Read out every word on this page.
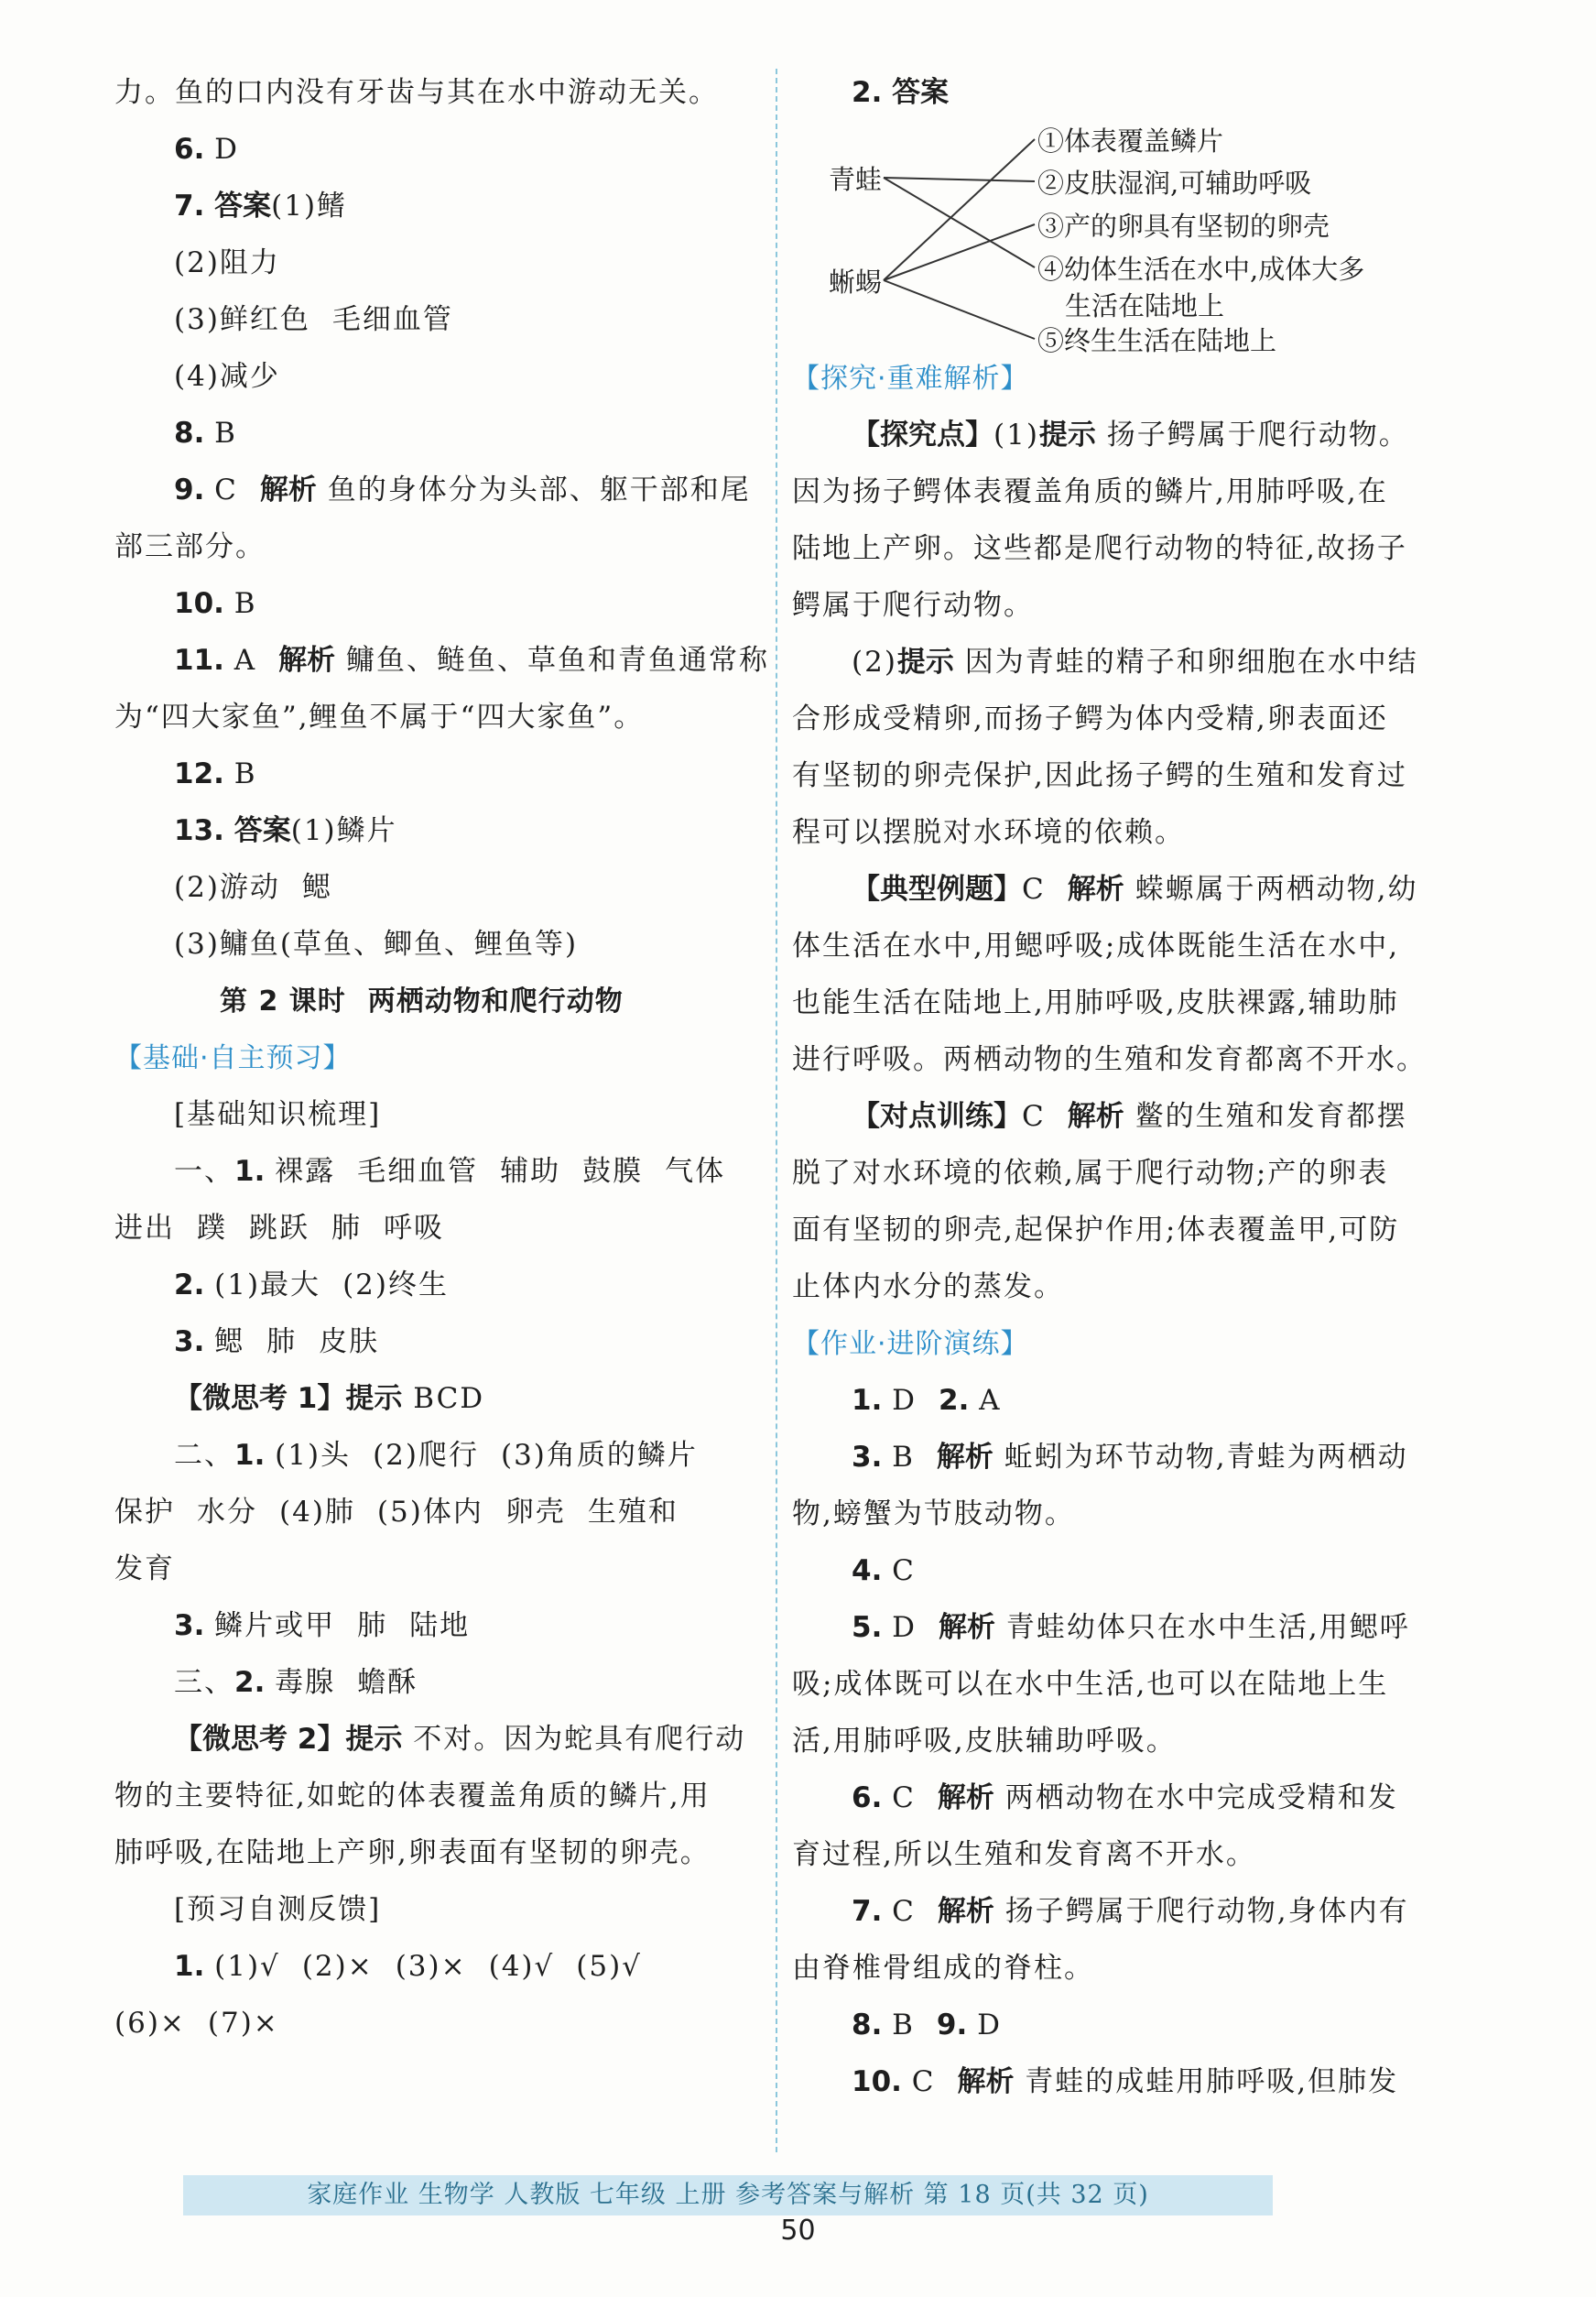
力。鱼的口内没有牙齿与其在水中游动无关。
6. D
7. 答案(1)鳍
(2)阻力
(3)鲜红色 毛细血管
(4)减少
8. B
9. C 解析 鱼的身体分为头部、躯干部和尾
部三部分。
10. B
11. A 解析 鳙鱼、鲢鱼、草鱼和青鱼通常称
为“四大家鱼”,鲤鱼不属于“四大家鱼”。
12. B
13. 答案(1)鳞片
(2)游动 鳃
(3)鳙鱼(草鱼、鲫鱼、鲤鱼等)
第 2 课时 两栖动物和爬行动物
【基础·自主预习】
[基础知识梳理]
一、1. 裸露 毛细血管 辅助 鼓膜 气体
进出 蹼 跳跃 肺 呼吸
2. (1)最大 (2)终生
3. 鳃 肺 皮肤
【微思考 1】提示 BCD
二、1. (1)头 (2)爬行 (3)角质的鳞片
保护 水分 (4)肺 (5)体内 卵壳 生殖和
发育
3. 鳞片或甲 肺 陆地
三、2. 毒腺 蟾酥
【微思考 2】提示 不对。因为蛇具有爬行动
物的主要特征,如蛇的体表覆盖角质的鳞片,用
肺呼吸,在陆地上产卵,卵表面有坚韧的卵壳。
[预习自测反馈]
1. (1)√ (2)× (3)× (4)√ (5)√
(6)× (7)×
2. 答案
青蛙
蜥蜴
①体表覆盖鳞片
②皮肤湿润,可辅助呼吸
③产的卵具有坚韧的卵壳
④幼体生活在水中,成体大多
生活在陆地上
⑤终生生活在陆地上
【探究·重难解析】
【探究点】(1)提示 扬子鳄属于爬行动物。
因为扬子鳄体表覆盖角质的鳞片,用肺呼吸,在
陆地上产卵。这些都是爬行动物的特征,故扬子
鳄属于爬行动物。
(2)提示 因为青蛙的精子和卵细胞在水中结
合形成受精卵,而扬子鳄为体内受精,卵表面还
有坚韧的卵壳保护,因此扬子鳄的生殖和发育过
程可以摆脱对水环境的依赖。
【典型例题】C 解析 蝾螈属于两栖动物,幼
体生活在水中,用鳃呼吸;成体既能生活在水中,
也能生活在陆地上,用肺呼吸,皮肤裸露,辅助肺
进行呼吸。两栖动物的生殖和发育都离不开水。
【对点训练】C 解析 鳖的生殖和发育都摆
脱了对水环境的依赖,属于爬行动物;产的卵表
面有坚韧的卵壳,起保护作用;体表覆盖甲,可防
止体内水分的蒸发。
【作业·进阶演练】
1. D 2. A
3. B 解析 蚯蚓为环节动物,青蛙为两栖动
物,螃蟹为节肢动物。
4. C
5. D 解析 青蛙幼体只在水中生活,用鳃呼
吸;成体既可以在水中生活,也可以在陆地上生
活,用肺呼吸,皮肤辅助呼吸。
6. C 解析 两栖动物在水中完成受精和发
育过程,所以生殖和发育离不开水。
7. C 解析 扬子鳄属于爬行动物,身体内有
由脊椎骨组成的脊柱。
8. B 9. D
10. C 解析 青蛙的成蛙用肺呼吸,但肺发
家庭作业 生物学 人教版 七年级 上册 参考答案与解析 第 18 页(共 32 页)
50
